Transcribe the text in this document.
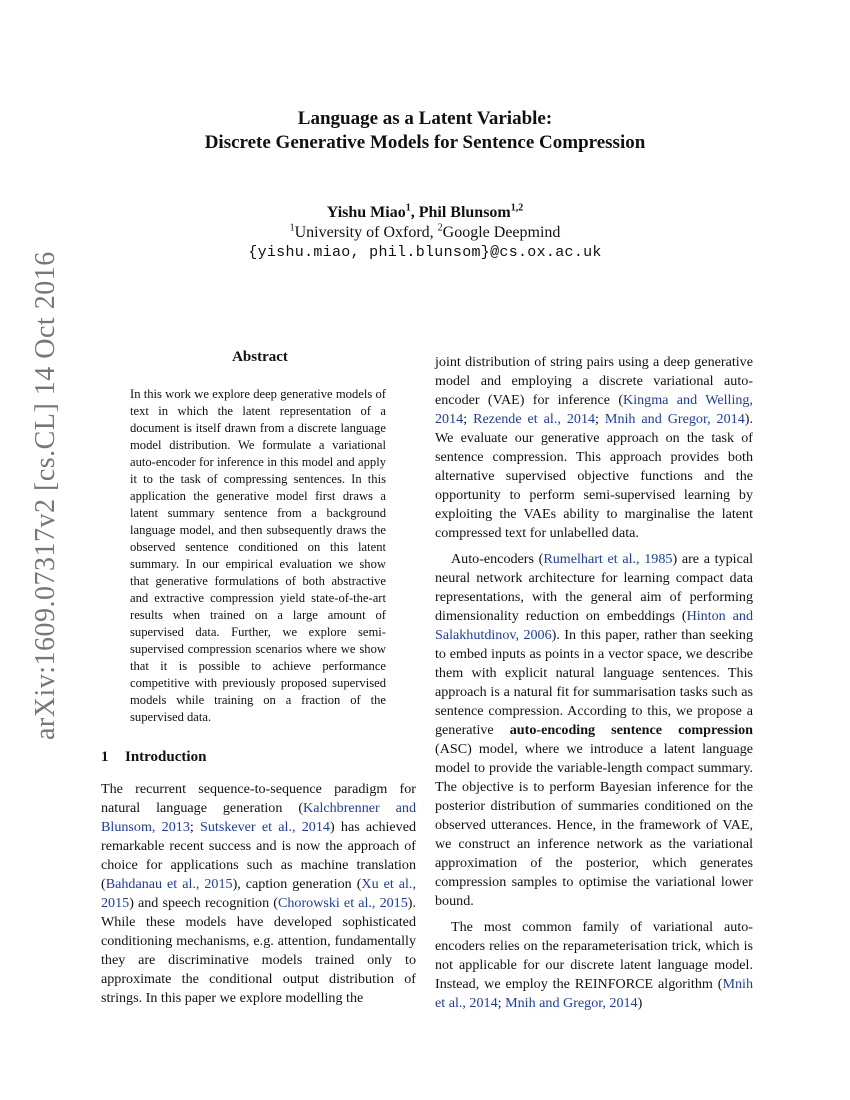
Language as a Latent Variable:
Discrete Generative Models for Sentence Compression
Yishu Miao$^1$, Phil Blunsom$^{1,2}$
$^1$University of Oxford, $^2$Google Deepmind
{yishu.miao, phil.blunsom}@cs.ox.ac.uk
arXiv:1609.07317v2 [cs.CL] 14 Oct 2016	Abstract
In this work we explore deep generative models of text in which the latent representation of a document is itself drawn from a discrete language model distribution. We formulate a variational auto-encoder for inference in this model and apply it to the task of compressing sentences. In this application the generative model first draws a latent summary sentence from a background language model, and then subsequently draws the observed sentence conditioned on this latent summary. In our empirical evaluation we show that generative formulations of both abstractive and extractive compression yield state-of-the-art results when trained on a large amount of supervised data. Further, we explore semi-supervised compression scenarios where we show that it is possible to achieve performance competitive with previously proposed supervised models while training on a fraction of the supervised data.
1 Introduction

The recurrent sequence-to-sequence paradigm for natural language generation (Kalchbrenner and Blunsom, 2013; Sutskever et al., 2014) has achieved remarkable recent success and is now the approach of choice for applications such as machine translation (Bahdanau et al., 2015), caption generation (Xu et al., 2015) and speech recognition (Chorowski et al., 2015). While these models have developed sophisticated conditioning mechanisms, e.g. attention, fundamentally they are discriminative models trained only to approximate the conditional output distribution of strings. In this paper we explore modelling the

joint distribution of string pairs using a deep generative model and employing a discrete variational auto-encoder (VAE) for inference (Kingma and Welling, 2014; Rezende et al., 2014; Mnih and Gregor, 2014). We evaluate our generative approach on the task of sentence compression. This approach provides both alternative supervised objective functions and the opportunity to perform semi-supervised learning by exploiting the VAEs ability to marginalise the latent compressed text for unlabelled data.

Auto-encoders (Rumelhart et al., 1985) are a typical neural network architecture for learning compact data representations, with the general aim of performing dimensionality reduction on embeddings (Hinton and Salakhutdinov, 2006). In this paper, rather than seeking to embed inputs as points in a vector space, we describe them with explicit natural language sentences. This approach is a natural fit for summarisation tasks such as sentence compression. According to this, we propose a generative auto-encoding sentence compression (ASC) model, where we introduce a latent language model to provide the variable-length compact summary. The objective is to perform Bayesian inference for the posterior distribution of summaries conditioned on the observed utterances. Hence, in the framework of VAE, we construct an inference network as the variational approximation of the posterior, which generates compression samples to optimise the variational lower bound.

The most common family of variational auto-encoders relies on the reparameterisation trick, which is not applicable for our discrete latent language model. Instead, we employ the REINFORCE algorithm (Mnih et al., 2014; Mnih and Gregor, 2014)
